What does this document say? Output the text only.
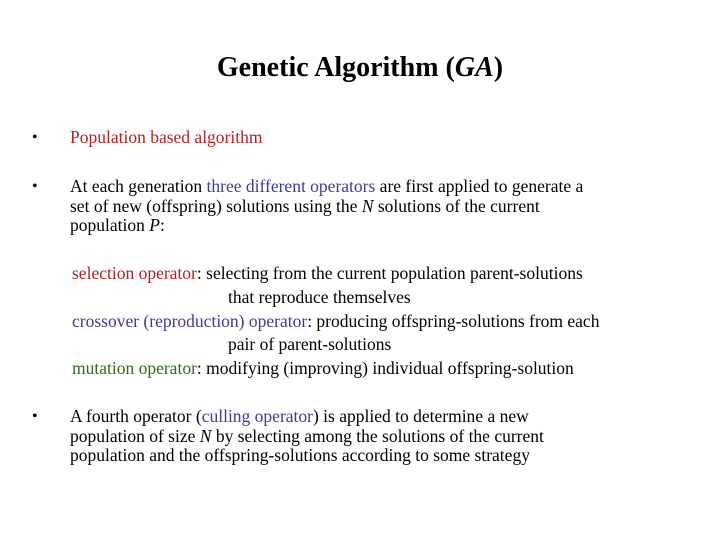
Genetic Algorithm (GA)
• Population based algorithm
• At each generation three different operators are first applied to generate a
set of new (offspring) solutions using the N solutions of the current
population P:
selection operator: selecting from the current population parent-solutions
that reproduce themselves
crossover (reproduction) operator: producing offspring-solutions from each
pair of parent-solutions
mutation operator: modifying (improving) individual offspring-solution
• A fourth operator (culling operator) is applied to determine a new
population of size N by selecting among the solutions of the current
population and the offspring-solutions according to some strategy
